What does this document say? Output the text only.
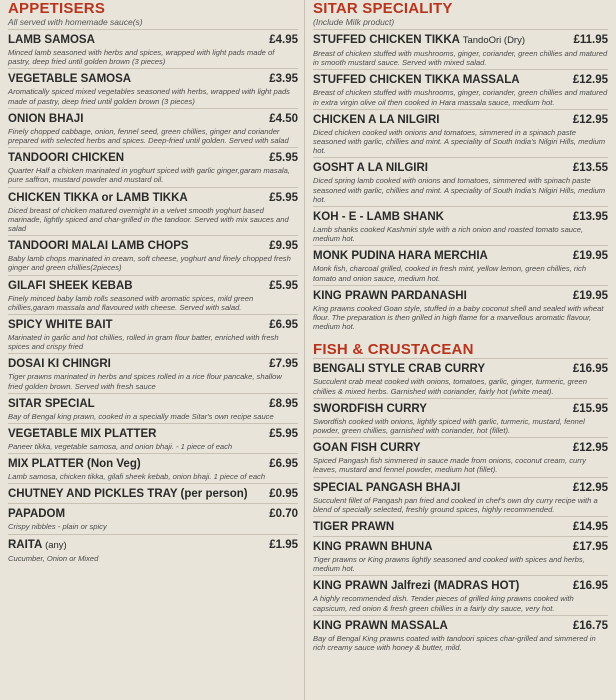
APPETISERS
All served with homemade sauce(s)
LAMB SAMOSA	£4.95
Minced lamb seasoned with herbs and spices, wrapped with light pads made of pastry, deep fried until golden brown (3 pieces)
VEGETABLE SAMOSA	£3.95
Aromatically spiced mixed vegetables seasoned with herbs, wrapped with light pads made of pastry, deep fried until golden brown (3 pieces)
ONION BHAJI	£4.50
Finely chopped cabbage, onion, fennel seed, green chillies, ginger and coriander prepared with selected herbs and spices. Deep-fried until golden. Served with salad
TANDOORI CHICKEN	£5.95
Quarter Half a chicken marinated in yoghurt spiced with garlic ginger,garam masala, pure saffron, mustard powder and mustard oil.
CHICKEN TIKKA or LAMB TIKKA	£5.95
Diced breast of chicken matured overnight in a velvet smooth yoghurt based marinade, lightly spiced and char-grilled in the tandoor. Served with mix sauces and salad
TANDOORI MALAI LAMB CHOPS	£9.95
Baby lamb chops marinated in cream, soft cheese, yoghurt and finely chopped fresh ginger and green chillies(2pieces)
GILAFI SHEEK KEBAB	£5.95
Finely minced baby lamb rolls seasoned with aromatic spices, mild green chillies,garam massala and flavoured with cheese. Served with salad.
SPICY WHITE BAIT	£6.95
Marinated in garlic and hot chillies, rolled in gram flour batter, enriched with fresh spices and crispy fried
DOSAI KI CHINGRI	£7.95
Tiger prawns marinated in herbs and spices rolled in a rice flour pancake, shallow fried golden brown. Served with fresh sauce
SITAR SPECIAL	£8.95
Bay of Bengal king prawn, cooked in a specially made Sitar's own recipe sauce
VEGETABLE MIX PLATTER	£5.95
Paneer tikka, vegetable samosa, and onion bhaji. - 1 piece of each
MIX PLATTER (Non Veg)	£6.95
Lamb samosa, chicken tikka, gilafi sheek kebab, onion bhaji. 1 piece of each
CHUTNEY AND PICKLES TRAY (per person) £0.95
PAPADOM	£0.70
Crispy nibbles - plain or spicy
RAITA (any)	£1.95
Cucumber, Onion or Mixed
SITAR SPECIALITY
(Include Milk product)
STUFFED CHICKEN TIKKA TandoOri (Dry)	£11.95
Breast of chicken stuffed with mushrooms, ginger, coriander, green chillies and matured in smooth mustard sauce. Served with mixed salad.
STUFFED CHICKEN TIKKA MASSALA	£12.95
Breast of chicken stuffed with mushrooms, ginger, coriander, green chillies and matured in extra virgin olive oil then cooked in Hara massala sauce, medium hot.
CHICKEN A LA NILGIRI	£12.95
Diced chicken cooked with onions and tomatoes, simmered in a spinach paste seasoned with garlic, chillies and mint. A speciality of South India's Nilgiri Hills, medium hot.
GOSHT A LA NILGIRI	£13.55
Diced spring lamb cooked with onions and tomatoes, simmered with spinach paste seasoned with garlic, chillies and mint. A speciality of South India's Nilgiri Hills, medium hot.
KOH - E - LAMB SHANK	£13.95
Lamb shanks cooked Kashmiri style with a rich onion and roasted tomato sauce, medium hot.
MONK PUDINA HARA MERCHIA	£19.95
Monk fish, charcoal grilled, cooked in fresh mint, yellow lemon, green chillies, rich tomato and onion sauce, medium hot.
KING PRAWN PARDANASHI	£19.95
King prawns cooked Goan style, stuffed in a baby coconut shell and sealed with wheat flour. The preparation is then grilled in high flame for a marvellous aromatic flavour, medium hot.
FISH & CRUSTACEAN
BENGALI STYLE CRAB CURRY	£16.95
Succulent crab meat cooked with onions, tomatoes, garlic, ginger, turmeric, green chillies & mixed herbs. Garnished with coriander, fairly hot (white meat).
SWORDFISH CURRY	£15.95
Swordfish cooked with onions, lightly spiced with garlic, turmeric, mustard, fennel powder, green chillies, garnished with coriander, hot (fillet).
GOAN FISH CURRY	£12.95
Spiced Pangash fish simmered in sauce made from onions, coconut cream, curry leaves, mustard and fennel powder, medium hot (fillet).
SPECIAL PANGASH BHAJI	£12.95
Succulent fillet of Pangash pan fried and cooked in chef's own dry curry recipe with a blend of specially selected, freshly ground spices, highly recommended.
TIGER PRAWN	£14.95
KING PRAWN BHUNA	£17.95
Tiger prawns or King prawns lightly seasoned and cooked with spices and herbs, medium hot.
KING PRAWN Jalfrezi (MADRAS HOT)	£16.95
A highly recommended dish. Tender pieces of grilled king prawns cooked with capsicum, red onion & fresh green chillies in a fairly dry sauce, very hot.
KING PRAWN MASSALA	£16.75
Bay of Bengal King prawns coated with tandoori spices char-grilled and simmered in rich creamy sauce with honey & butter, mild.
